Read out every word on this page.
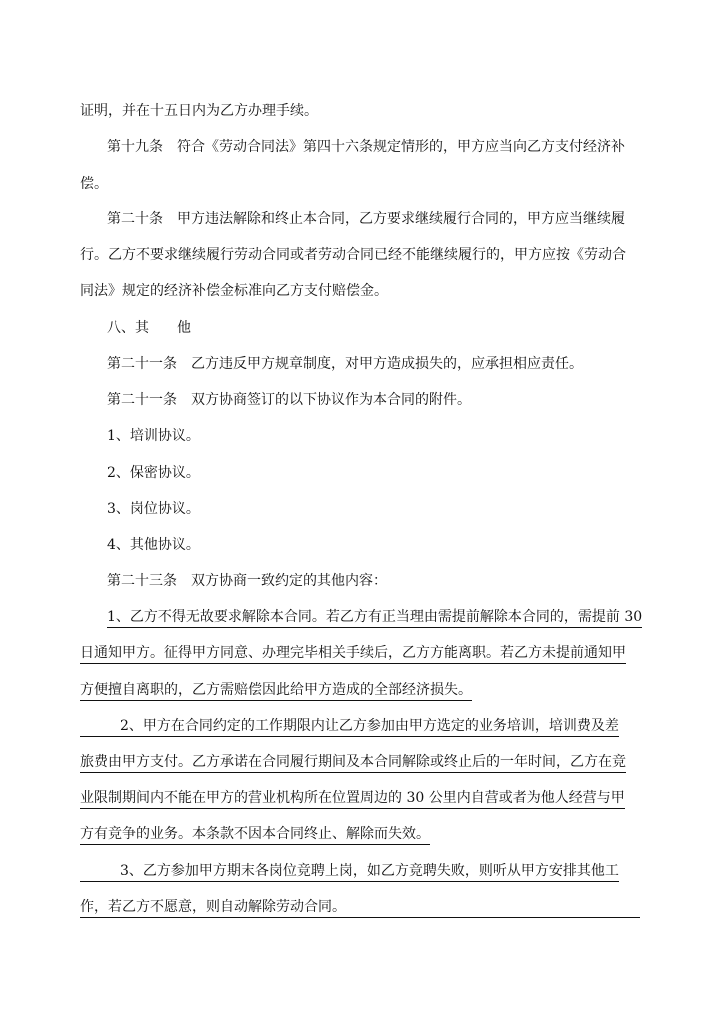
证明，并在十五日内为乙方办理手续。
第十九条　符合《劳动合同法》第四十六条规定情形的，甲方应当向乙方支付经济补
偿。
第二十条　甲方违法解除和终止本合同，乙方要求继续履行合同的，甲方应当继续履
行。乙方不要求继续履行劳动合同或者劳动合同已经不能继续履行的，甲方应按《劳动合
同法》规定的经济补偿金标准向乙方支付赔偿金。
八、其　　他
第二十一条　乙方违反甲方规章制度，对甲方造成损失的，应承担相应责任。
第二十一条　双方协商签订的以下协议作为本合同的附件。
1、培训协议。
2、保密协议。
3、岗位协议。
4、其他协议。
第二十三条　双方协商一致约定的其他内容：
1、乙方不得无故要求解除本合同。若乙方有正当理由需提前解除本合同的，需提前 30
日通知甲方。征得甲方同意、办理完毕相关手续后，乙方方能离职。若乙方未提前通知甲
方便擅自离职的，乙方需赔偿因此给甲方造成的全部经济损失。
2、甲方在合同约定的工作期限内让乙方参加由甲方选定的业务培训，培训费及差
旅费由甲方支付。乙方承诺在合同履行期间及本合同解除或终止后的一年时间，乙方在竞
业限制期间内不能在甲方的营业机构所在位置周边的 30 公里内自营或者为他人经营与甲
方有竞争的业务。本条款不因本合同终止、解除而失效。
3、乙方参加甲方期末各岗位竞聘上岗，如乙方竞聘失败，则听从甲方安排其他工
作，若乙方不愿意，则自动解除劳动合同。
